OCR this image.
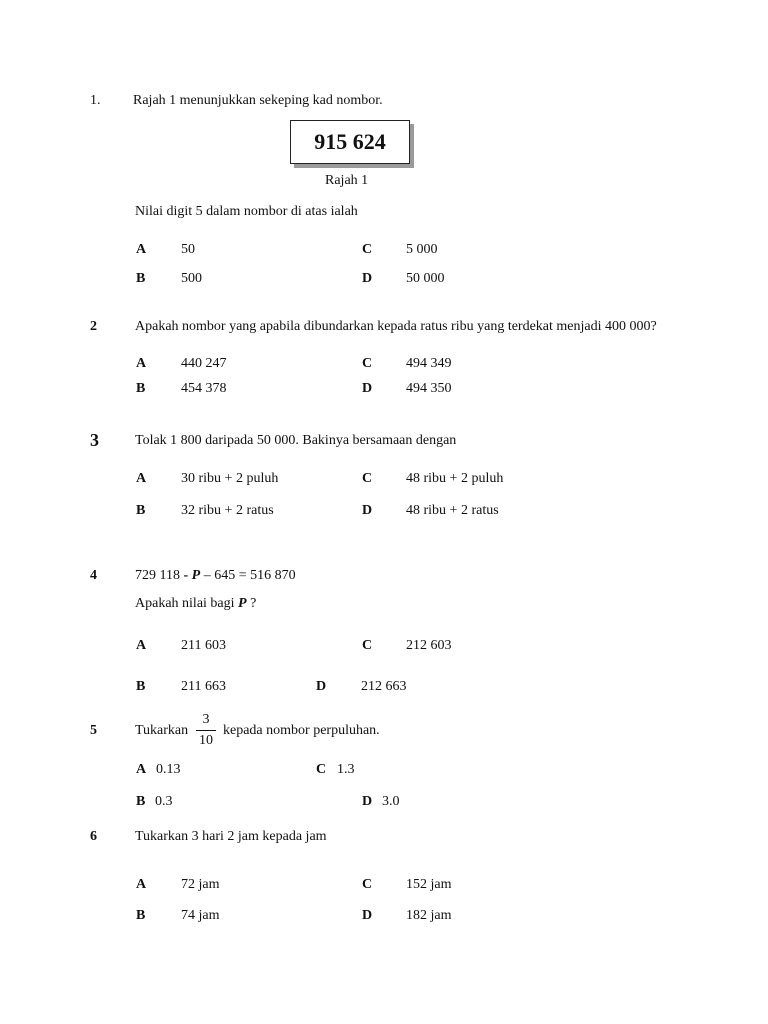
1. Rajah 1 menunjukkan sekeping kad nombor.
915 624
Rajah 1
Nilai digit 5 dalam nombor di atas ialah
A 50	C 5 000
B	500	D 50 000
2	Apakah nombor yang apabila dibundarkan kepada ratus ribu yang terdekat menjadi 400 000?
A 440 247	C 494 349
B	454 378	D 494 350
3	Tolak 1 800 daripada 50 000. Bakinya bersamaan dengan
A 30 ribu + 2 puluh	C 48 ribu + 2 puluh
B	32 ribu + 2 ratus	D 48 ribu + 2 ratus
4	729 118 - P – 645 = 516 870
Apakah nilai bagi P ?
A 211 603	C 212 603
B	211 663	D 212 663
5	Tukarkan
3
10
kepada nombor perpuluhan.
A 0.13	C 1.3
B 0.3	D 3.0
6	Tukarkan 3 hari 2 jam kepada jam
A 72 jam	C 152 jam
B	74 jam	D 182 jam
